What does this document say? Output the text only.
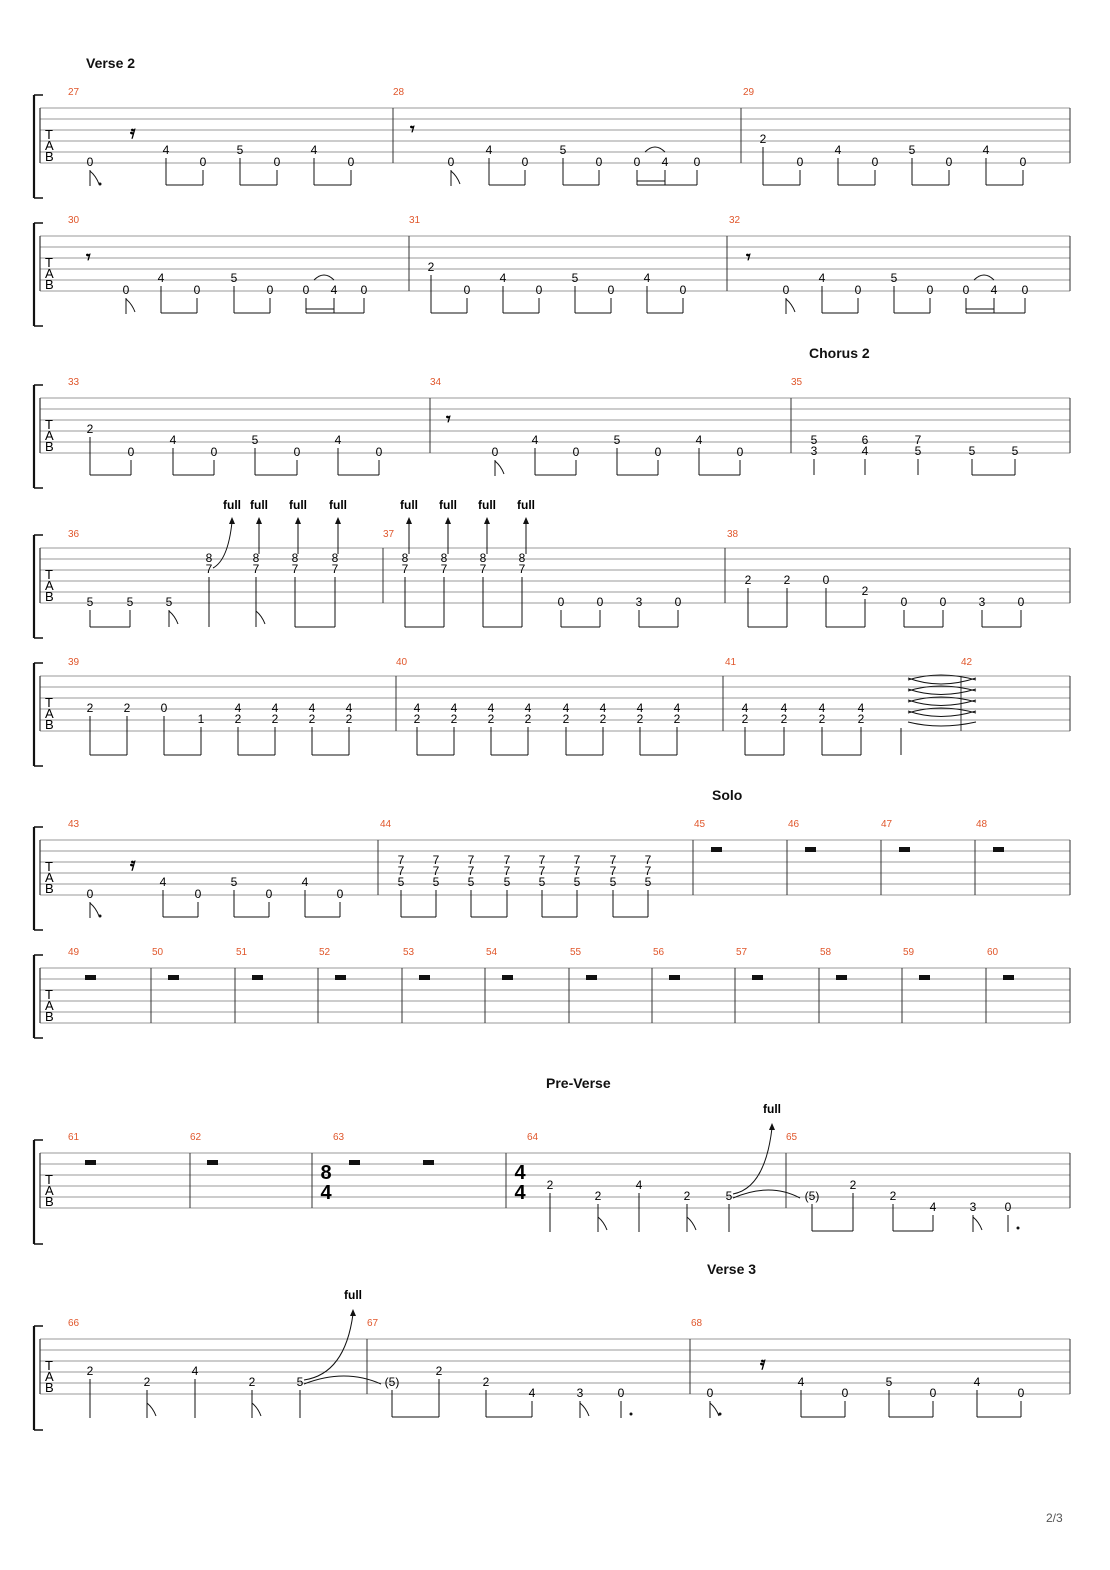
Verse 2
T
A
B
27	28	29
𝄿	𝄾
0
4
0
5
0
4
0	0
4
0
5
0	0 4 0
2
0
4
0
5
0
4
0
T
A
B
30	31	32
𝄾	𝄾
0
4
0
5
0 0 4 0
2
0
4
0
5
0
4
0	0
4
0
5
0 0 4 0
Chorus 2
T
A
B
33	34	35
𝄾
2
0
4
0
5
0
4
0	0
4
0
5
0
4
0
5
3
6
4
7
5	5	5
T
A
B
36	37	38
full full full full	full full full full
5	5	5
8
7
8
7
8
7
8
7
8
7
8
7
8
7
8
7
0	0	3	0
2	2	0
2
0	0	3	0
T
A
B
39	40	41	42
2	2	0
1
4
2
4
2
4
2
4
2
4
2
4
2
4
2
4
2
4
2
4
2
4
2
4
2
4
2
4
2
4
2
4
2
Solo
T
A
B
43	44	45	46	47	48
𝄿
0
4
0
5
0
4
0
7
7
5
7
7
5
7
7
5
7
7
5
7
7
5
7
7
5
7
7
5
7
7
5
T
A
B
49	50	51	52	53	54	55	56	57	58	59	60
Pre-Verse
T
A
B
61	62	63	64	65
8
4
4
4
full
2
2
4
2	5	(5)
2
2
4	3 0
Verse 3
T
A
B
66	67	68
full
𝄿
2
2
4
2	5	(5)
2
2
4	3	0	0
4
0
5
0
4
0
2/3
